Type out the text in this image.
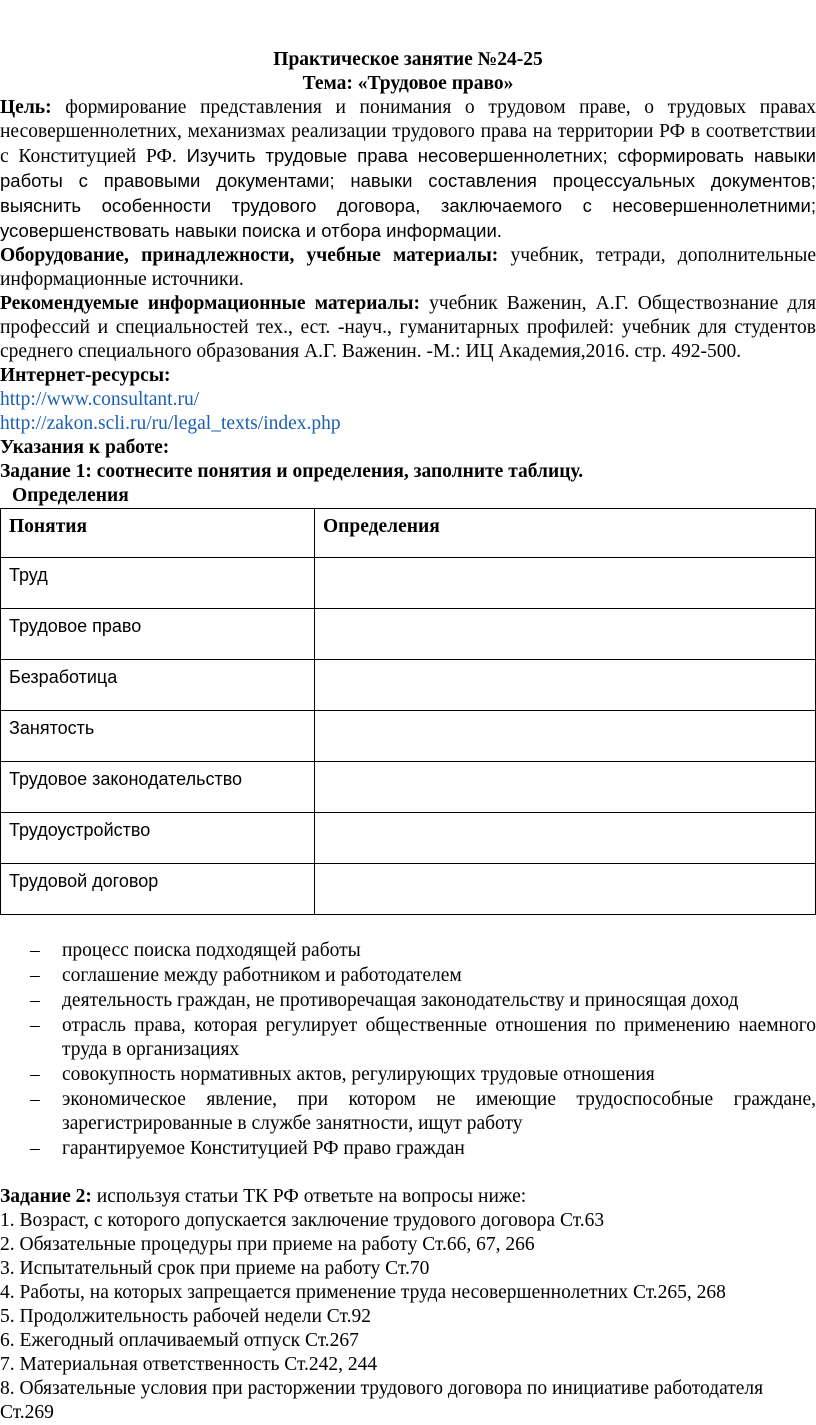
Практическое занятие №24-25

Тема: «Трудовое право»

Цель: формирование представления и понимания о трудовом праве, о трудовых правах несовершеннолетних, механизмах реализации трудового права на территории РФ в соответствии с Конституцией РФ. Изучить трудовые права несовершеннолетних; сформировать навыки работы с правовыми документами; навыки составления процессуальных документов; выяснить особенности трудового договора, заключаемого с несовершеннолетними; усовершенствовать навыки поиска и отбора информации.

Оборудование, принадлежности, учебные материалы: учебник, тетради, дополнительные информационные источники.

Рекомендуемые информационные материалы: учебник Важенин, А.Г. Обществознание для профессий и специальностей тех., ест. -науч., гуманитарных профилей: учебник для студентов среднего специального образования А.Г. Важенин. -М.: ИЦ Академия,2016. стр. 492-500.

Интернет-ресурсы:

http://www.consultant.ru/
http://zakon.scli.ru/ru/legal_texts/index.php

Указания к работе:

Задание 1: соотнесите понятия и определения, заполните таблицу.

Определения

Понятия	Определения
Труд	
Трудовое право	
Безработица	
Занятость	
Трудовое законодательство	
Трудоустройство	
Трудовой договор	
– процесс поиска подходящей работы
– соглашение между работником и работодателем
– деятельность граждан, не противоречащая законодательству и приносящая доход
– отрасль права, которая регулирует общественные отношения по применению наемного труда в организациях
– совокупность нормативных актов, регулирующих трудовые отношения
– экономическое явление, при котором не имеющие трудоспособные граждане, зарегистрированные в службе занятности, ищут работу
– гарантируемое Конституцией РФ право граждан

Задание 2: используя статьи ТК РФ ответьте на вопросы ниже:

1. Возраст, с которого допускается заключение трудового договора Ст.63
2. Обязательные процедуры при приеме на работу Ст.66, 67, 266
3. Испытательный срок при приеме на работу Ст.70
4. Работы, на которых запрещается применение труда несовершеннолетних Ст.265, 268
5. Продолжительность рабочей недели Ст.92
6. Ежегодный оплачиваемый отпуск Ст.267
7. Материальная ответственность Ст.242, 244
8. Обязательные условия при расторжении трудового договора по инициативе работодателя Ст.269
